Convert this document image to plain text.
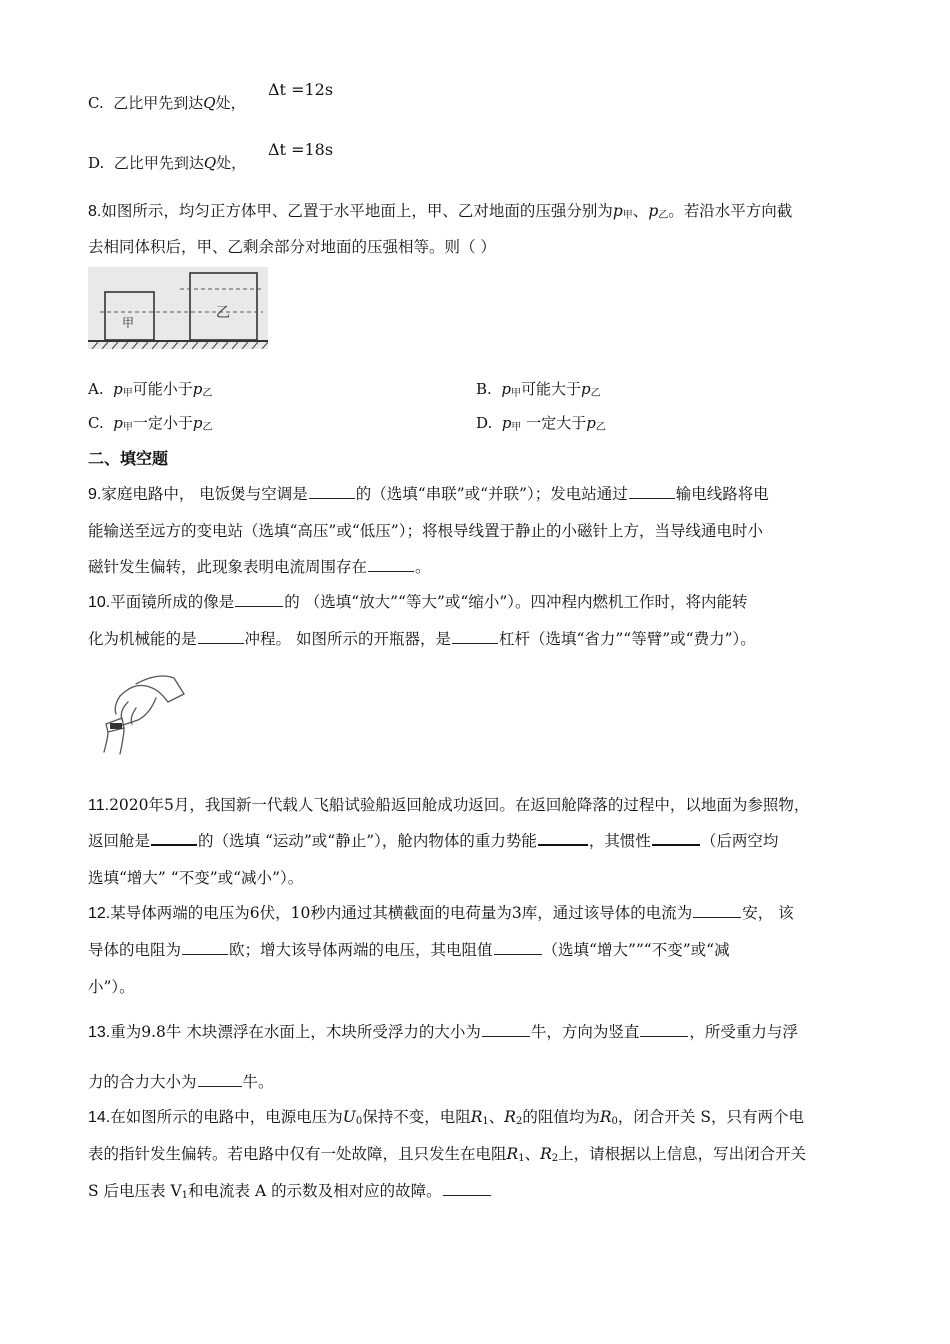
C. 乙比甲先到达Q处，
Δt =12s
D. 乙比甲先到达Q处，
Δt =18s
8.如图所示，均匀正方体甲、乙置于水平地面上，甲、乙对地面的压强分别为$p_甲$、$p_乙$。若沿水平方向截
去相同体积后，甲、乙剩余部分对地面的压强相等。则（ ）
甲
乙
A. $p_甲$可能小于$p_乙$	B. $p_甲$可能大于$p_乙$
C. $p_甲$一定小于$p_乙$	D. $p_甲$ 一定大于$p_乙$
二、填空题
9.家庭电路中， 电饭煲与空调是	的（选填“串联”或“并联”）；发电站通过	输电线路将电
能输送至远方的变电站（选填“高压”或“低压”）；将根导线置于静止的小磁针上方，当导线通电时小
磁针发生偏转，此现象表明电流周围存在	。
10.平面镜所成的像是	的 （选填“放大”“等大”或“缩小”）。四冲程内燃机工作时，将内能转
化为机械能的是	冲程。 如图所示的开瓶器，是	杠杆（选填“省力”“等臂”或“费力”）。
11.2020年5月，我国新一代载人飞船试验船返回舱成功返回。在返回舱降落的过程中，以地面为参照物，
返回舱是	的（选填 “运动”或“静止”），舱内物体的重力势能	，其惯性	（后两空均
选填“增大” “不变”或“减小”）。
12.某导体两端的电压为6伏，10秒内通过其横截面的电荷量为3库，通过该导体的电流为	安， 该
导体的电阻为	欧；增大该导体两端的电压，其电阻值	（选填“增大””“不变”或“减
小”）。
13.重为9.8牛 木块漂浮在水面上，木块所受浮力的大小为	牛，方向为竖直	，所受重力与浮
力的合力大小为	牛。
14.在如图所示的电路中，电源电压为$U_0$保持不变，电阻$R_1$、$R_2$的阻值均为$R_0$，闭合开关 S，只有两个电
表的指针发生偏转。若电路中仅有一处故障，且只发生在电阻$R_1$、$R_2$上，请根据以上信息，写出闭合开关
S 后电压表 $V_1$和电流表 A 的示数及相对应的故障。
